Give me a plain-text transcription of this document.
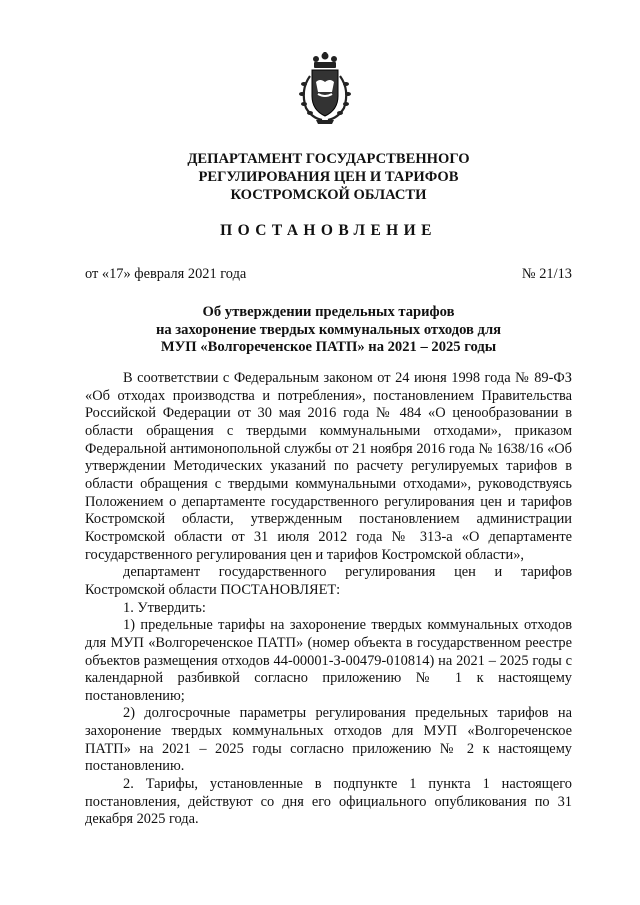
ДЕПАРТАМЕНТ ГОСУДАРСТВЕННОГО
РЕГУЛИРОВАНИЯ ЦЕН И ТАРИФОВ
КОСТРОМСКОЙ ОБЛАСТИ
ПОСТАНОВЛЕНИЕ
от «17» февраля 2021 года	№ 21/13
Об утверждении предельных тарифов
на захоронение твердых коммунальных отходов для
МУП «Волгореченское ПАТП» на 2021 – 2025 годы

В соответствии с Федеральным законом от 24 июня 1998 года № 89-ФЗ «Об отходах производства и потребления», постановлением Правительства Российской Федерации от 30 мая 2016 года № 484 «О ценообразовании в области обращения с твердыми коммунальными отходами», приказом Федеральной антимонопольной службы от 21 ноября 2016 года № 1638/16 «Об утверждении Методических указаний по расчету регулируемых тарифов в области обращения с твердыми коммунальными отходами», руководствуясь Положением о департаменте государственного регулирования цен и тарифов Костромской области, утвержденным постановлением администрации Костромской области от 31 июля 2012 года № 313-а «О департаменте государственного регулирования цен и тарифов Костромской области»,

департамент государственного регулирования цен и тарифов Костромской области ПОСТАНОВЛЯЕТ:

1. Утвердить:

1) предельные тарифы на захоронение твердых коммунальных отходов для МУП «Волгореченское ПАТП» (номер объекта в государственном реестре объектов размещения отходов 44-00001-З-00479-010814) на 2021 – 2025 годы с календарной разбивкой согласно приложению № 1 к настоящему постановлению;

2) долгосрочные параметры регулирования предельных тарифов на захоронение твердых коммунальных отходов для МУП «Волгореченское ПАТП» на 2021 – 2025 годы согласно приложению № 2 к настоящему постановлению.

2. Тарифы, установленные в подпункте 1 пункта 1 настоящего постановления, действуют со дня его официального опубликования по 31 декабря 2025 года.
